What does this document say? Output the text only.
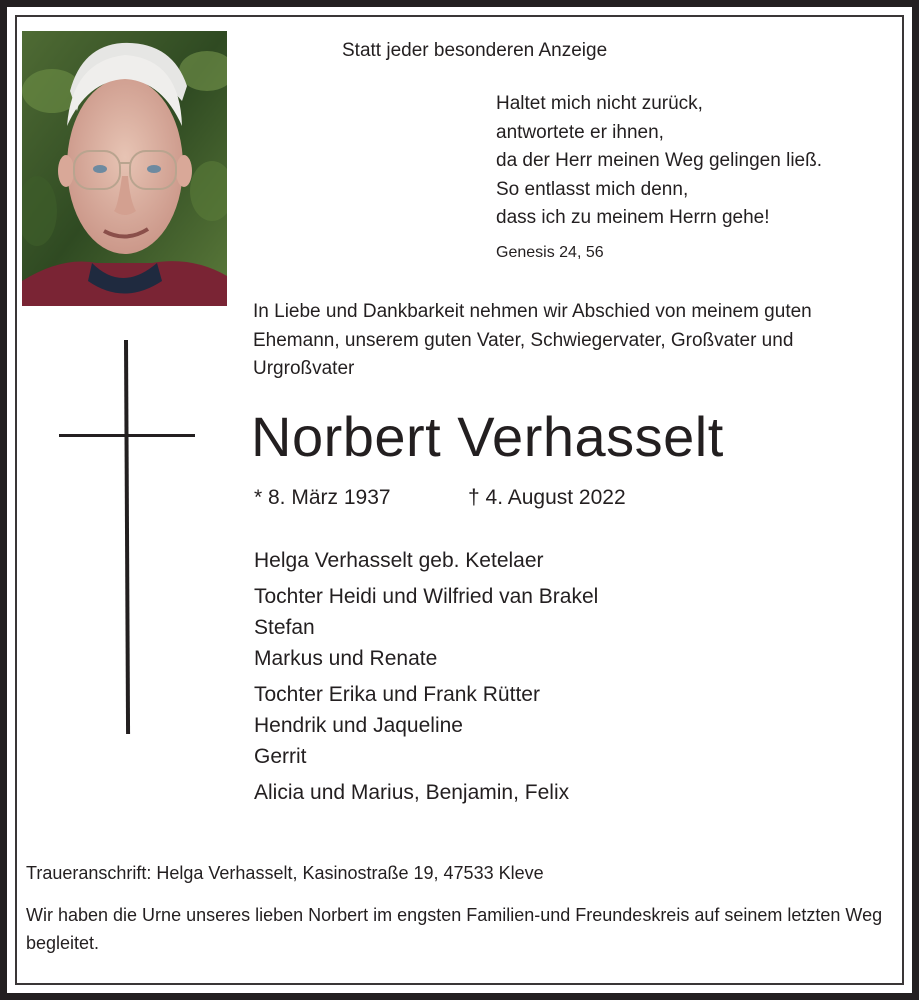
Statt jeder besonderen Anzeige
Haltet mich nicht zurück,
antwortete er ihnen,
da der Herr meinen Weg gelingen ließ.
So entlasst mich denn,
dass ich zu meinem Herrn gehe!
Genesis 24, 56
In Liebe und Dankbarkeit nehmen wir Abschied von meinem guten Ehemann, unserem guten Vater, Schwiegervater, Großvater und Urgroßvater
Norbert Verhasselt
* 8. März 1937	† 4. August 2022
Helga Verhasselt geb. Ketelaer
Tochter Heidi und Wilfried van Brakel
Stefan
Markus und Renate
Tochter Erika und Frank Rütter
Hendrik und Jaqueline
Gerrit
Alicia und Marius, Benjamin, Felix
Traueranschrift: Helga Verhasselt, Kasinostraße 19, 47533 Kleve
Wir haben die Urne unseres lieben Norbert im engsten Familien-und Freundeskreis auf seinem letzten Weg begleitet.
